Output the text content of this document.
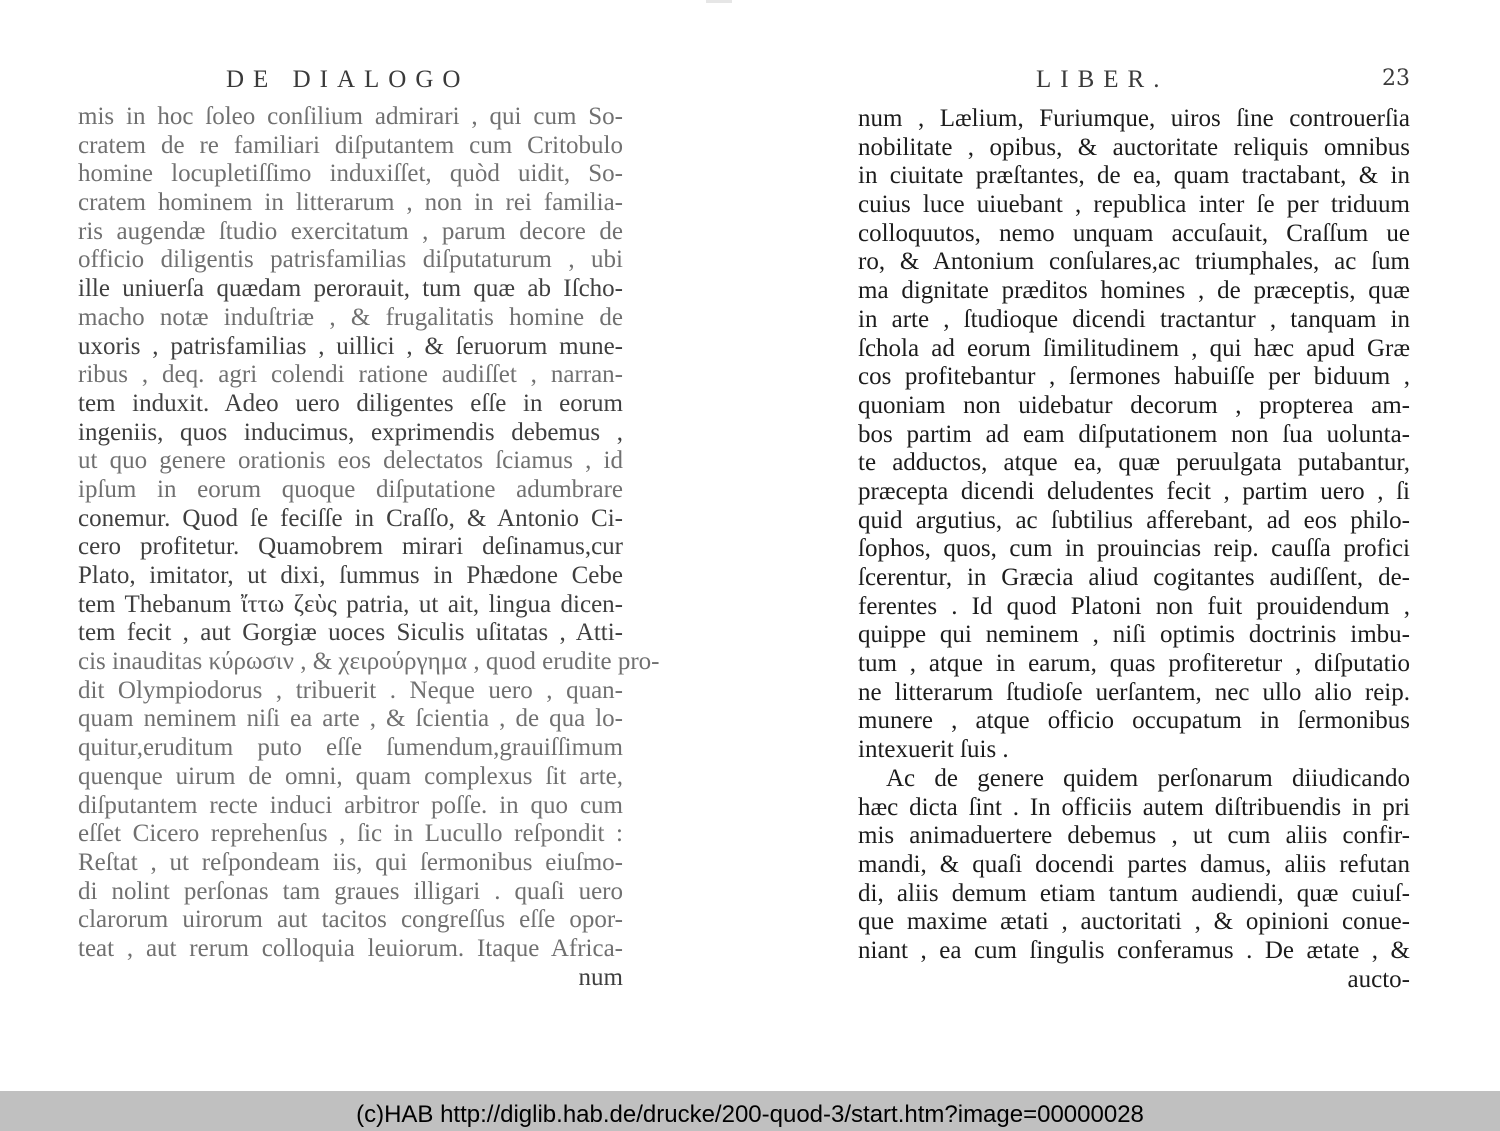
DE DIALOGO
mis in hoc ſoleo conſilium admirari , qui cum So-
cratem de re familiari diſputantem cum Critobulo
homine locupletiſſimo induxiſſet, quòd uidit, So-
cratem hominem in litterarum , non in rei familia-
ris augendæ ſtudio exercitatum , parum decore de
officio diligentis patrisfamilias diſputaturum , ubi
ille uniuerſa quædam perorauit, tum quæ ab Iſcho-
macho notæ induſtriæ , & frugalitatis homine de
uxoris , patrisfamilias , uillici , & ſeruorum mune-
ribus , deq. agri colendi ratione audiſſet , narran-
tem induxit. Adeo uero diligentes eſſe in eorum
ingeniis, quos inducimus, exprimendis debemus ,
ut quo genere orationis eos delectatos ſciamus , id
ipſum in eorum quoque diſputatione adumbrare
conemur. Quod ſe feciſſe in Craſſo, & Antonio Ci-
cero profitetur. Quamobrem mirari deſinamus,cur
Plato, imitator, ut dixi, ſummus in Phædone Cebe
tem Thebanum ἴττω ζεὺς patria, ut ait, lingua dicen-
tem fecit , aut Gorgiæ uoces Siculis uſitatas , Atti-
cis inauditas κύρωσιν , & χειρούργημα , quod erudite pro-
dit Olympiodorus , tribuerit . Neque uero , quan-
quam neminem niſi ea arte , & ſcientia , de qua lo-
quitur,eruditum puto eſſe ſumendum,grauiſſimum
quenque uirum de omni, quam complexus ſit arte,
diſputantem recte induci arbitror poſſe. in quo cum
eſſet Cicero reprehenſus , ſic in Lucullo reſpondit :
Reſtat , ut reſpondeam iis, qui ſermonibus eiuſmo-
di nolint perſonas tam graues illigari . quaſi uero
clarorum uirorum aut tacitos congreſſus eſſe opor-
teat , aut rerum colloquia leuiorum. Itaque Africa-
num
LIBER.	23
num , Lælium, Furiumque, uiros ſine controuerſia
nobilitate , opibus, & auctoritate reliquis omnibus
in ciuitate præſtantes, de ea, quam tractabant, & in
cuius luce uiuebant , republica inter ſe per triduum
colloquutos, nemo unquam accuſauit, Craſſum ue
ro, & Antonium conſulares,ac triumphales, ac ſum
ma dignitate præditos homines , de præceptis, quæ
in arte , ſtudioque dicendi tractantur , tanquam in
ſchola ad eorum ſimilitudinem , qui hæc apud Græ
cos profitebantur , ſermones habuiſſe per biduum ,
quoniam non uidebatur decorum , propterea am-
bos partim ad eam diſputationem non ſua uolunta-
te adductos, atque ea, quæ peruulgata putabantur,
præcepta dicendi deludentes fecit , partim uero , ſi
quid argutius, ac ſubtilius afferebant, ad eos philo-
ſophos, quos, cum in prouincias reip. cauſſa profici
ſcerentur, in Græcia aliud cogitantes audiſſent, de-
ferentes . Id quod Platoni non fuit prouidendum ,
quippe qui neminem , niſi optimis doctrinis imbu-
tum , atque in earum, quas profiteretur , diſputatio
ne litterarum ſtudioſe uerſantem, nec ullo alio reip.
munere , atque officio occupatum in ſermonibus
intexuerit ſuis .
Ac de genere quidem perſonarum diiudicando
hæc dicta ſint . In officiis autem diſtribuendis in pri
mis animaduertere debemus , ut cum aliis confir-
mandi, & quaſi docendi partes damus, aliis refutan
di, aliis demum etiam tantum audiendi, quæ cuiuſ-
que maxime ætati , auctoritati , & opinioni conue-
niant , ea cum ſingulis conferamus . De ætate , &
aucto-
(c)HAB http://diglib.hab.de/drucke/200-quod-3/start.htm?image=00000028
